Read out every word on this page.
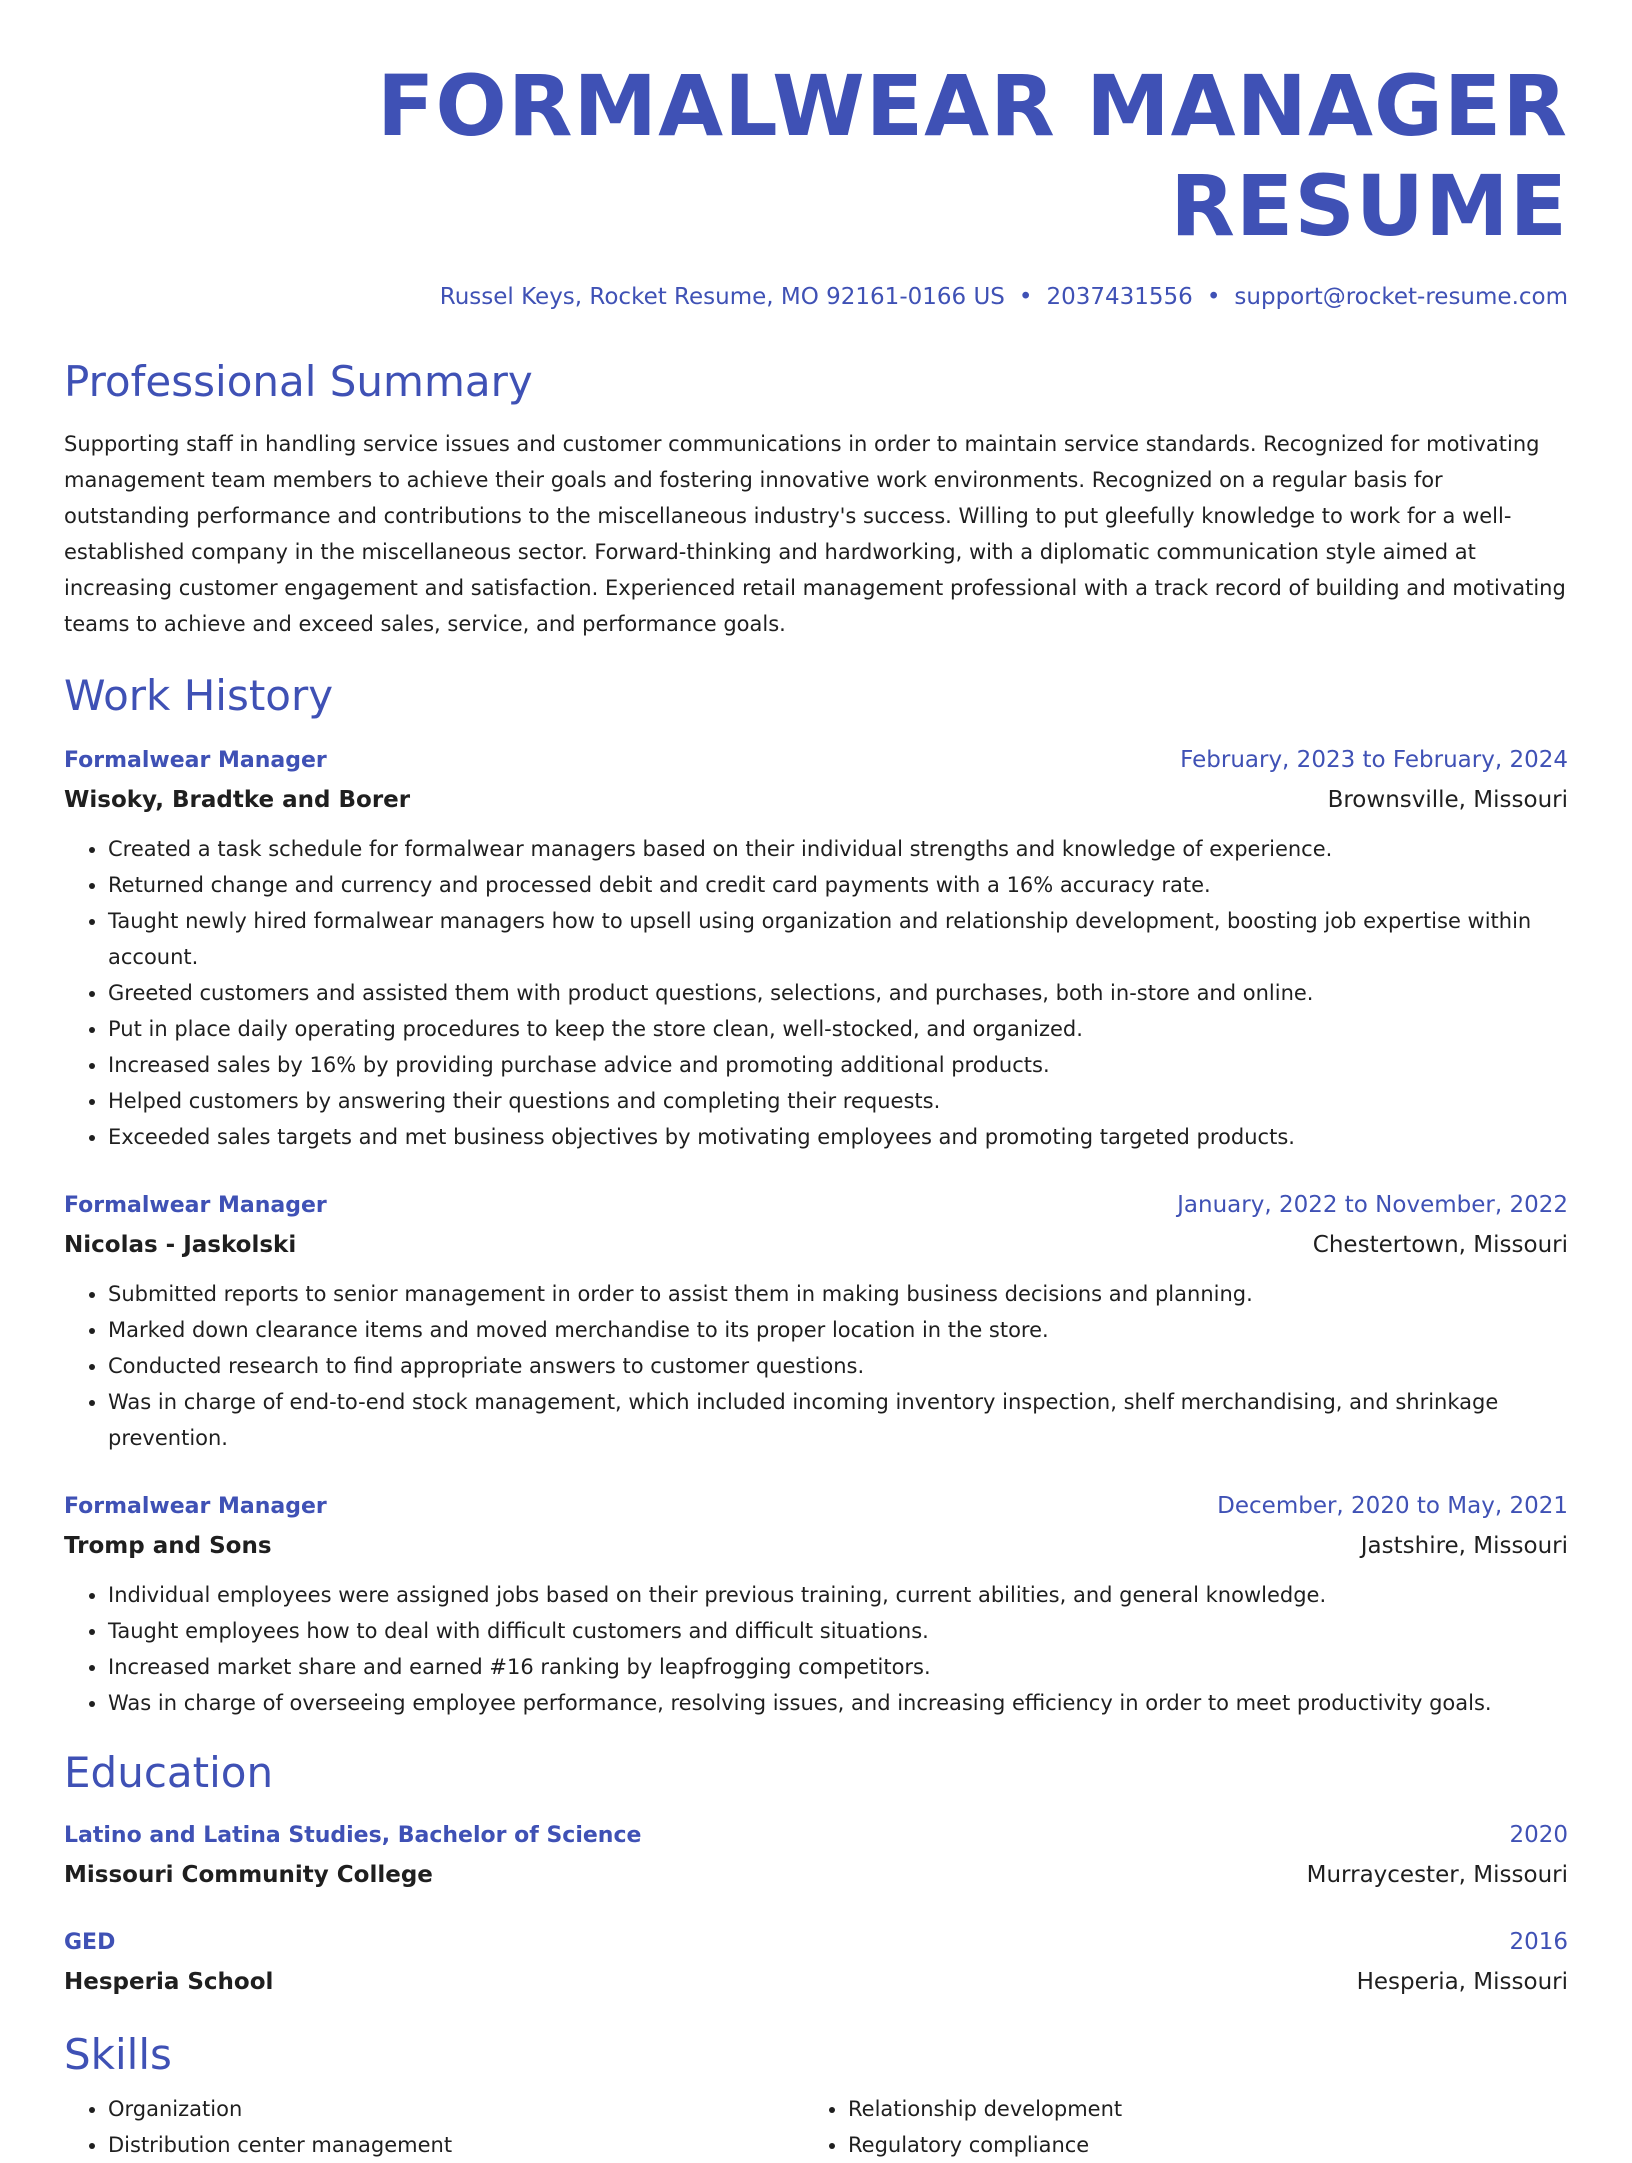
FORMALWEAR MANAGER RESUME
Russel Keys, Rocket Resume, MO 92161-0166 US • 2037431556 • support@rocket-resume.com
Professional Summary

Supporting staff in handling service issues and customer communications in order to maintain service standards. Recognized for motivating management team members to achieve their goals and fostering innovative work environments. Recognized on a regular basis for outstanding performance and contributions to the miscellaneous industry's success. Willing to put gleefully knowledge to work for a well-established company in the miscellaneous sector. Forward-thinking and hardworking, with a diplomatic communication style aimed at increasing customer engagement and satisfaction. Experienced retail management professional with a track record of building and motivating teams to achieve and exceed sales, service, and performance goals.

Work History
Formalwear Manager	February, 2023 to February, 2024
Wisoky, Bradtke and Borer	Brownsville, Missouri
• Created a task schedule for formalwear managers based on their individual strengths and knowledge of experience.
• Returned change and currency and processed debit and credit card payments with a 16% accuracy rate.
• Taught newly hired formalwear managers how to upsell using organization and relationship development, boosting job expertise within account.
• Greeted customers and assisted them with product questions, selections, and purchases, both in-store and online.
• Put in place daily operating procedures to keep the store clean, well-stocked, and organized.
• Increased sales by 16% by providing purchase advice and promoting additional products.
• Helped customers by answering their questions and completing their requests.
• Exceeded sales targets and met business objectives by motivating employees and promoting targeted products.
Formalwear Manager	January, 2022 to November, 2022
Nicolas - Jaskolski	Chestertown, Missouri
• Submitted reports to senior management in order to assist them in making business decisions and planning.
• Marked down clearance items and moved merchandise to its proper location in the store.
• Conducted research to find appropriate answers to customer questions.
• Was in charge of end-to-end stock management, which included incoming inventory inspection, shelf merchandising, and shrinkage prevention.
Formalwear Manager	December, 2020 to May, 2021
Tromp and Sons	Jastshire, Missouri
• Individual employees were assigned jobs based on their previous training, current abilities, and general knowledge.
• Taught employees how to deal with difficult customers and difficult situations.
• Increased market share and earned #16 ranking by leapfrogging competitors.
• Was in charge of overseeing employee performance, resolving issues, and increasing efficiency in order to meet productivity goals.
Education
Latino and Latina Studies, Bachelor of Science	2020
Missouri Community College	Murraycester, Missouri
GED	2016
Hesperia School	Hesperia, Missouri
Skills
• Organization
• Distribution center management
• Relationship development
• Regulatory compliance
